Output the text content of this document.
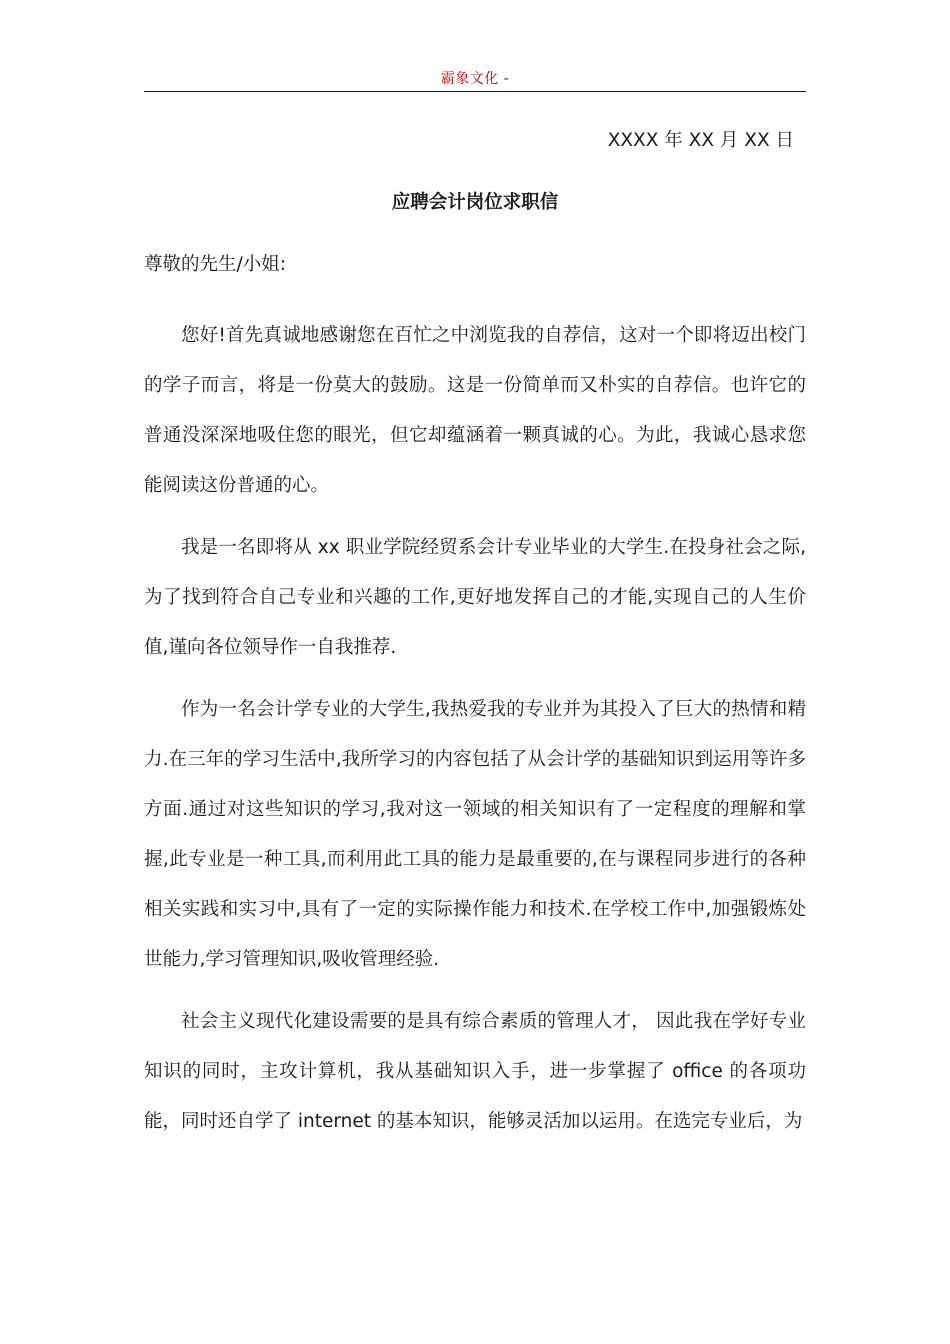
霸象文化 -
XXXX 年 XX 月 XX 日
应聘会计岗位求职信
尊敬的先生/小姐:

您好!首先真诚地感谢您在百忙之中浏览我的自荐信，这对一个即将迈出校门的学子而言，将是一份莫大的鼓励。这是一份简单而又朴实的自荐信。也许它的普通没深深地吸住您的眼光，但它却蕴涵着一颗真诚的心。为此，我诚心恳求您能阅读这份普通的心。

我是一名即将从 xx 职业学院经贸系会计专业毕业的大学生.在投身社会之际,为了找到符合自己专业和兴趣的工作,更好地发挥自己的才能,实现自己的人生价值,谨向各位领导作一自我推荐.

作为一名会计学专业的大学生,我热爱我的专业并为其投入了巨大的热情和精力.在三年的学习生活中,我所学习的内容包括了从会计学的基础知识到运用等许多方面.通过对这些知识的学习,我对这一领域的相关知识有了一定程度的理解和掌握,此专业是一种工具,而利用此工具的能力是最重要的,在与课程同步进行的各种相关实践和实习中,具有了一定的实际操作能力和技术.在学校工作中,加强锻炼处世能力,学习管理知识,吸收管理经验.

社会主义现代化建设需要的是具有综合素质的管理人才， 因此我在学好专业知识的同时，主攻计算机，我从基础知识入手，进一步掌握了 office 的各项功能，同时还自学了 internet 的基本知识，能够灵活加以运用。在选完专业后，为
